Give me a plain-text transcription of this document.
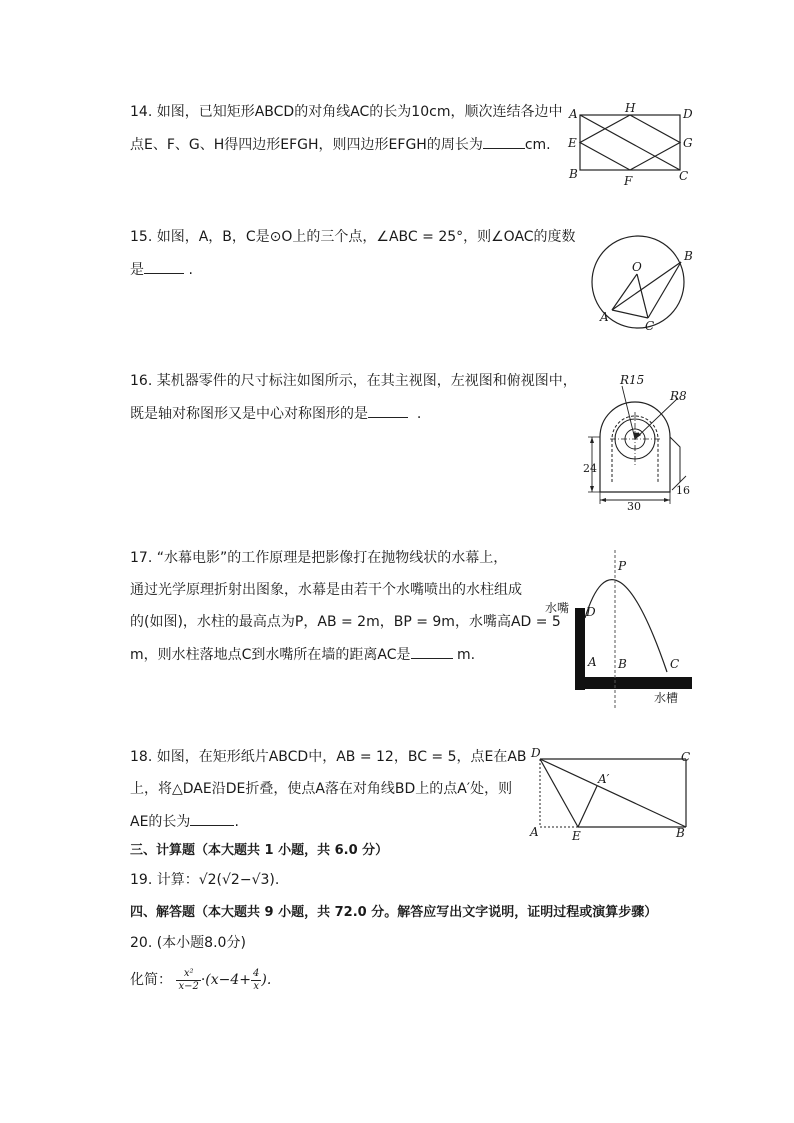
14. 如图，已知矩形ABCD的对角线AC的长为10cm，顺次连结各边中
点E、F、G、H得四边形EFGH，则四边形EFGH的周长为	cm.
A	H	D
E	G
B	F	C
15. 如图，A，B，C是⊙O上的三个点，∠ABC = 25°，则∠OAC的度数
是	.	O
B
A
C
16. 某机器零件的尺寸标注如图所示，在其主视图，左视图和俯视图中，
既是轴对称图形又是中心对称图形的是	.
R15
R8
24
30
16
17. “水幕电影”的工作原理是把影像打在抛物线状的水幕上，
通过光学原理折射出图象，水幕是由若干个水嘴喷出的水柱组成
的(如图)，水柱的最高点为P，AB = 2m，BP = 9m，水嘴高AD = 5
m，则水柱落地点C到水嘴所在墙的距离AC是	m.
P
D
A B	C
水嘴
水槽
18. 如图，在矩形纸片ABCD中，AB = 12，BC = 5，点E在AB
上，将△DAE沿DE折叠，使点A落在对角线BD上的点A′处，则
AE的长为	.
D	C
A′
A	E	B
三、计算题（本大题共 1 小题，共 6.0 分）
19. 计算：√2(√2−√3).
四、解答题（本大题共 9 小题，共 72.0 分。解答应写出文字说明，证明过程或演算步骤）
20. (本小题8.0分)
化简： $\frac{\text{x²}}{x-2} \cdot(x-4+ \frac{4}{x}$ ).
